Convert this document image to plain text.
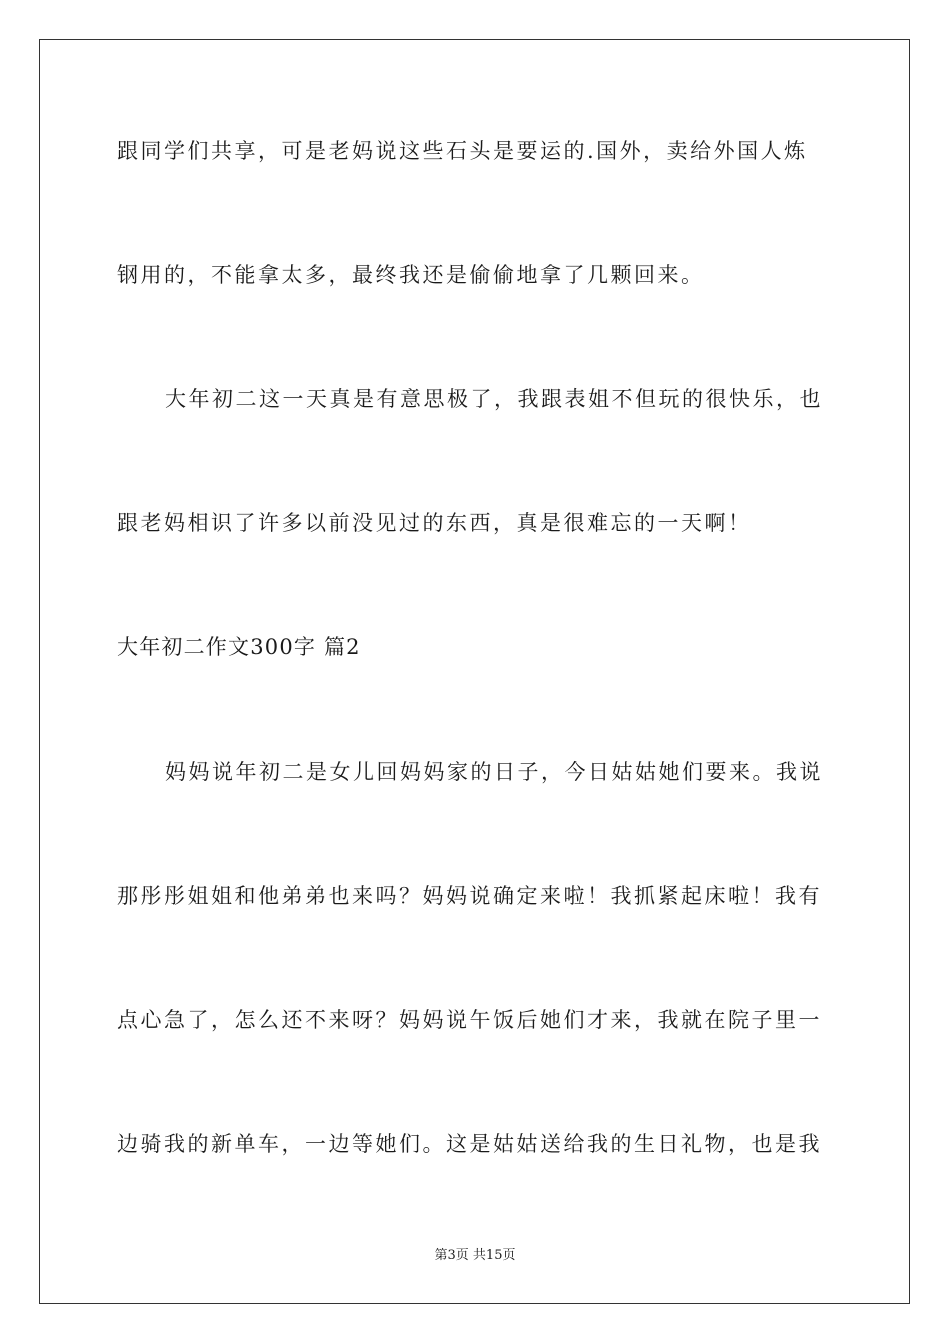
跟同学们共享，可是老妈说这些石头是要运的.国外，卖给外国人炼
钢用的，不能拿太多，最终我还是偷偷地拿了几颗回来。
大年初二这一天真是有意思极了，我跟表姐不但玩的很快乐，也
跟老妈相识了许多以前没见过的东西，真是很难忘的一天啊！
大年初二作文300字 篇2
妈妈说年初二是女儿回妈妈家的日子，今日姑姑她们要来。我说
那彤彤姐姐和他弟弟也来吗？妈妈说确定来啦！我抓紧起床啦！我有
点心急了，怎么还不来呀？妈妈说午饭后她们才来，我就在院子里一
边骑我的新单车，一边等她们。这是姑姑送给我的生日礼物，也是我
第3页 共15页
